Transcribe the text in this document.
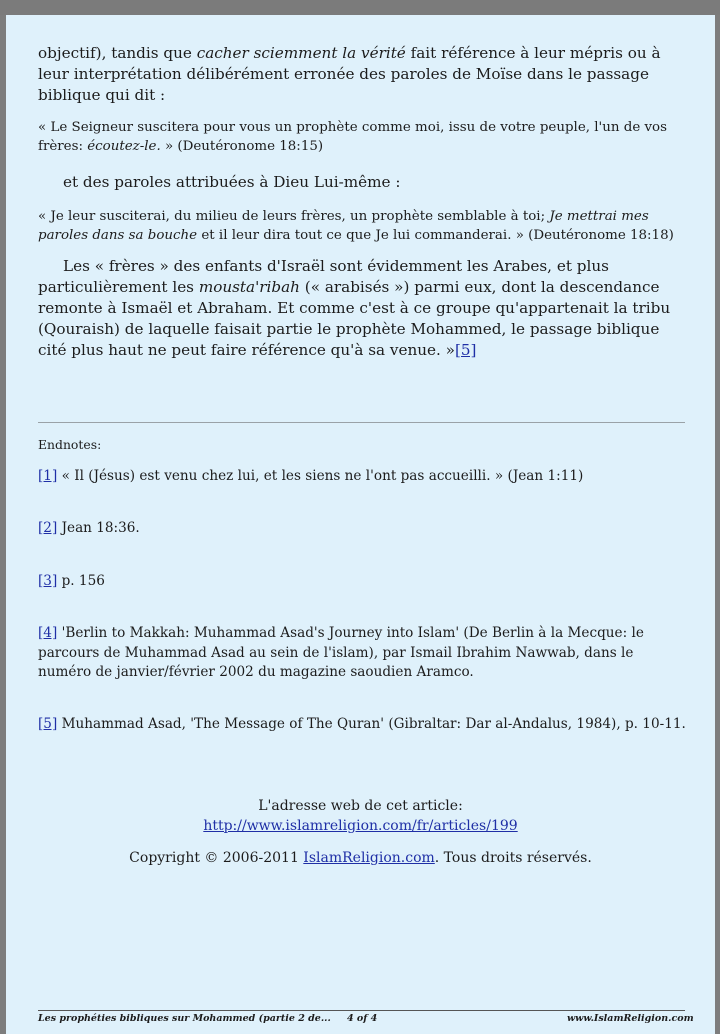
objectif), tandis que cacher sciemment la vérité fait référence à leur mépris ou à leur interprétation délibérément erronée des paroles de Moïse dans le passage biblique qui dit :

« Le Seigneur suscitera pour vous un prophète comme moi, issu de votre peuple, l'un de vos frères: écoutez-le. » (Deutéronome 18:15)

et des paroles attribuées à Dieu Lui-même :

« Je leur susciterai, du milieu de leurs frères, un prophète semblable à toi; Je mettrai mes paroles dans sa bouche et il leur dira tout ce que Je lui commanderai. » (Deutéronome 18:18)

Les « frères » des enfants d'Israël sont évidemment les Arabes, et plus particulièrement les mousta'ribah (« arabisés ») parmi eux, dont la descendance remonte à Ismaël et Abraham. Et comme c'est à ce groupe qu'appartenait la tribu (Qouraish) de laquelle faisait partie le prophète Mohammed, le passage biblique cité plus haut ne peut faire référence qu'à sa venue. »[5]

Endnotes:
[1] « Il (Jésus) est venu chez lui, et les siens ne l'ont pas accueilli. » (Jean 1:11)
[2] Jean 18:36.
[3] p. 156
[4] 'Berlin to Makkah: Muhammad Asad's Journey into Islam' (De Berlin à la Mecque: le parcours de Muhammad Asad au sein de l'islam), par Ismail Ibrahim Nawwab, dans le numéro de janvier/février 2002 du magazine saoudien Aramco.
[5] Muhammad Asad, 'The Message of The Quran' (Gibraltar: Dar al-Andalus, 1984), p. 10-11.
L'adresse web de cet article:
http://www.islamreligion.com/fr/articles/199
Copyright © 2006-2011 IslamReligion.com. Tous droits réservés.
Les prophéties bibliques sur Mohammed (partie 2 de... 4 of 4	www.IslamReligion.com
